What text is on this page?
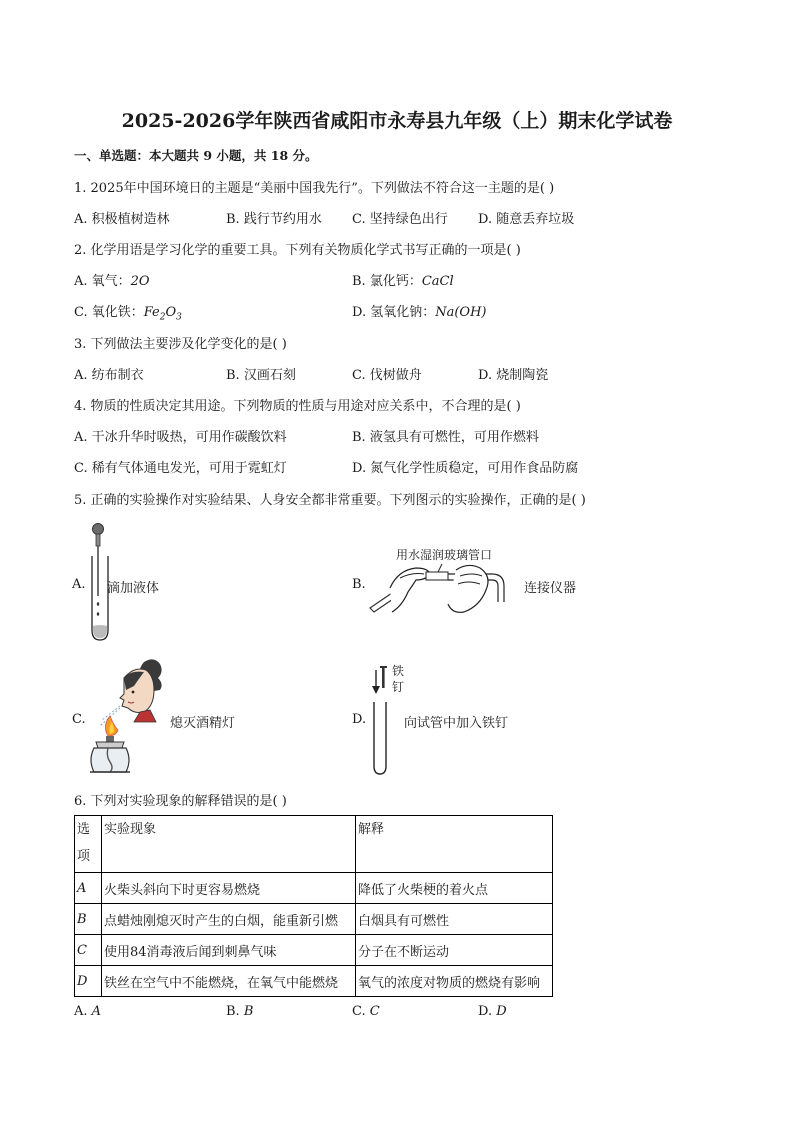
2025-2026学年陕西省咸阳市永寿县九年级（上）期末化学试卷
一、单选题：本大题共 9 小题，共 18 分。
1. 2025年中国环境日的主题是“美丽中国我先行”。下列做法不符合这一主题的是( )
A. 积极植树造林	B. 践行节约用水 C. 坚持绿色出行 D. 随意丢弃垃圾
2. 化学用语是学习化学的重要工具。下列有关物质化学式书写正确的一项是( )
A. 氧气：2O	B. 氯化钙：CaCl
C. 氧化铁：$Fe_2O_3$	D. 氢氧化钠：Na(OH)
3. 下列做法主要涉及化学变化的是( )
A. 纺布制衣	B. 汉画石刻	C. 伐树做舟	D. 烧制陶瓷
4. 物质的性质决定其用途。下列物质的性质与用途对应关系中，不合理的是( )
A. 干冰升华时吸热，可用作碳酸饮料	B. 液氢具有可燃性，可用作燃料
C. 稀有气体通电发光，可用于霓虹灯	D. 氮气化学性质稳定，可用作食品防腐
5. 正确的实验操作对实验结果、人身安全都非常重要。下列图示的实验操作，正确的是( )
A. 滴加液体	B.
用水湿润玻璃管口
连接仪器
C.	熄灭酒精灯	D.
铁
钉
向试管中加入铁钉
6. 下列对实验现象的解释错误的是( )
选
项	实验现象	解释
A	火柴头斜向下时更容易燃烧	降低了火柴梗的着火点
B	点蜡烛刚熄灭时产生的白烟，能重新引燃	白烟具有可燃性
C	使用84消毒液后闻到刺鼻气味	分子在不断运动
D	铁丝在空气中不能燃烧，在氧气中能燃烧	氧气的浓度对物质的燃烧有影响
A. A	B. B	C. C	D. D
